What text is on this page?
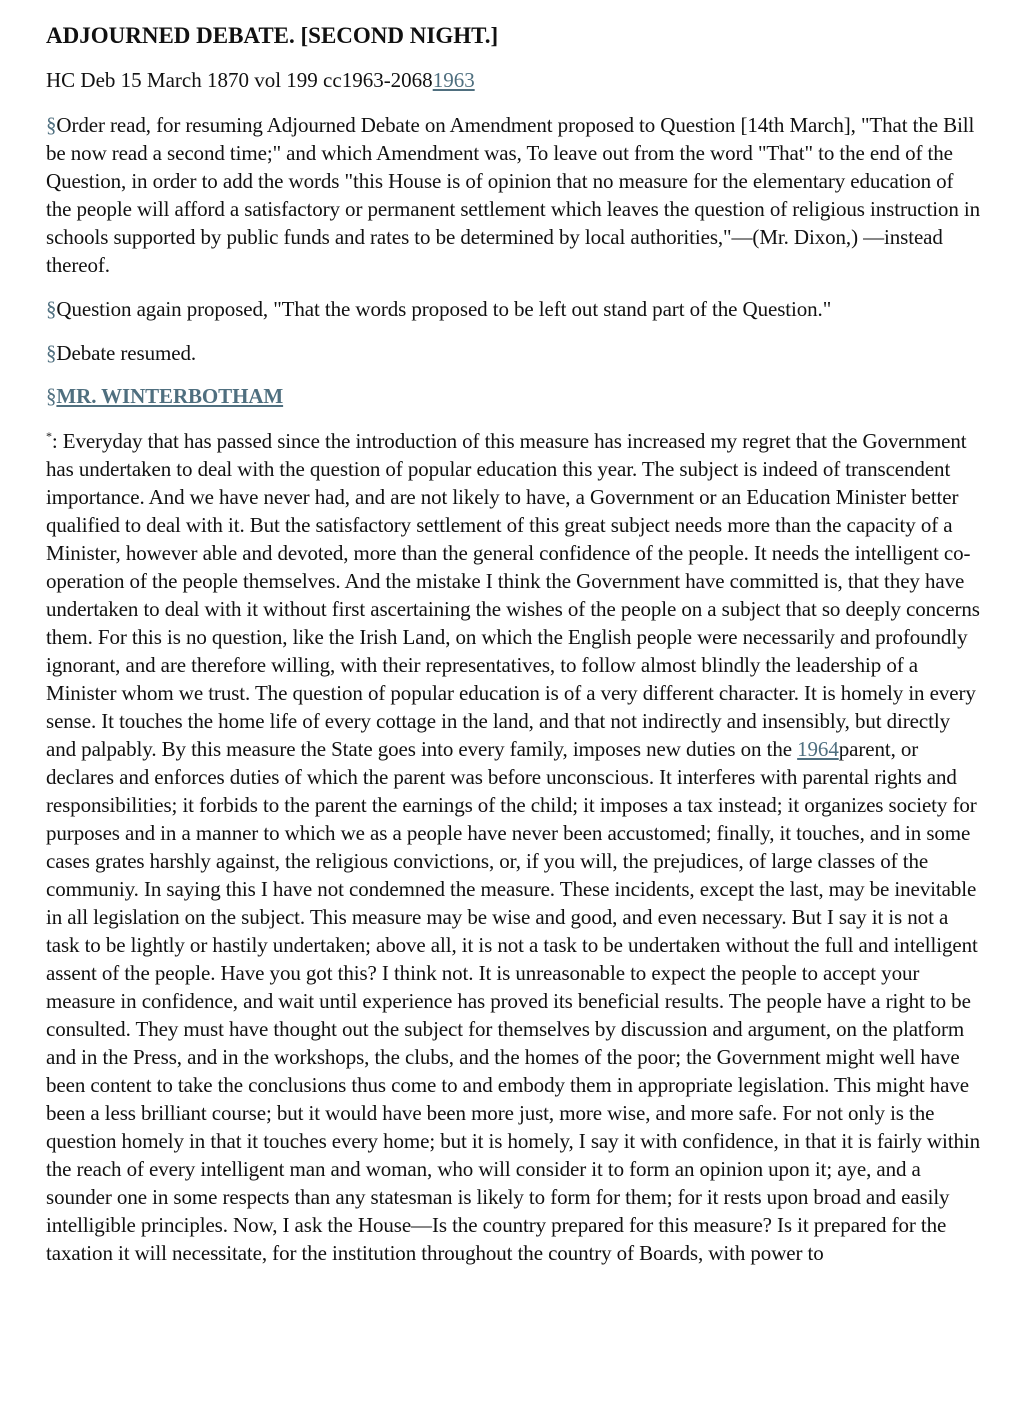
ADJOURNED DEBATE. [SECOND NIGHT.]

HC Deb 15 March 1870 vol 199 cc1963-20681963

§Order read, for resuming Adjourned Debate on Amendment proposed to Question [14th March], "That the Bill be now read a second time;" and which Amendment was, To leave out from the word "That" to the end of the Question, in order to add the words "this House is of opinion that no measure for the elementary education of the people will afford a satisfactory or permanent settlement which leaves the question of religious instruction in schools supported by public funds and rates to be determined by local authorities,"—(Mr. Dixon,) —instead thereof.

§Question again proposed, "That the words proposed to be left out stand part of the Question."

§Debate resumed.

§MR. WINTERBOTHAM

*: Everyday that has passed since the introduction of this measure has increased my regret that the Government has undertaken to deal with the question of popular education this year. The subject is indeed of transcendent importance. And we have never had, and are not likely to have, a Government or an Education Minister better qualified to deal with it. But the satisfactory settlement of this great subject needs more than the capacity of a Minister, however able and devoted, more than the general confidence of the people. It needs the intelligent co-operation of the people themselves. And the mistake I think the Government have committed is, that they have undertaken to deal with it without first ascertaining the wishes of the people on a subject that so deeply concerns them. For this is no question, like the Irish Land, on which the English people were necessarily and profoundly ignorant, and are therefore willing, with their representatives, to follow almost blindly the leadership of a Minister whom we trust. The question of popular education is of a very different character. It is homely in every sense. It touches the home life of every cottage in the land, and that not indirectly and insensibly, but directly and palpably. By this measure the State goes into every family, imposes new duties on the 1964parent, or declares and enforces duties of which the parent was before unconscious. It interferes with parental rights and responsibilities; it forbids to the parent the earnings of the child; it imposes a tax instead; it organizes society for purposes and in a manner to which we as a people have never been accustomed; finally, it touches, and in some cases grates harshly against, the religious convictions, or, if you will, the prejudices, of large classes of the communiy. In saying this I have not condemned the measure. These incidents, except the last, may be inevitable in all legislation on the subject. This measure may be wise and good, and even necessary. But I say it is not a task to be lightly or hastily undertaken; above all, it is not a task to be undertaken without the full and intelligent assent of the people. Have you got this? I think not. It is unreasonable to expect the people to accept your measure in confidence, and wait until experience has proved its beneficial results. The people have a right to be consulted. They must have thought out the subject for themselves by discussion and argument, on the platform and in the Press, and in the workshops, the clubs, and the homes of the poor; the Government might well have been content to take the conclusions thus come to and embody them in appropriate legislation. This might have been a less brilliant course; but it would have been more just, more wise, and more safe. For not only is the question homely in that it touches every home; but it is homely, I say it with confidence, in that it is fairly within the reach of every intelligent man and woman, who will consider it to form an opinion upon it; aye, and a sounder one in some respects than any statesman is likely to form for them; for it rests upon broad and easily intelligible principles. Now, I ask the House—Is the country prepared for this measure? Is it prepared for the taxation it will necessitate, for the institution throughout the country of Boards, with power to
